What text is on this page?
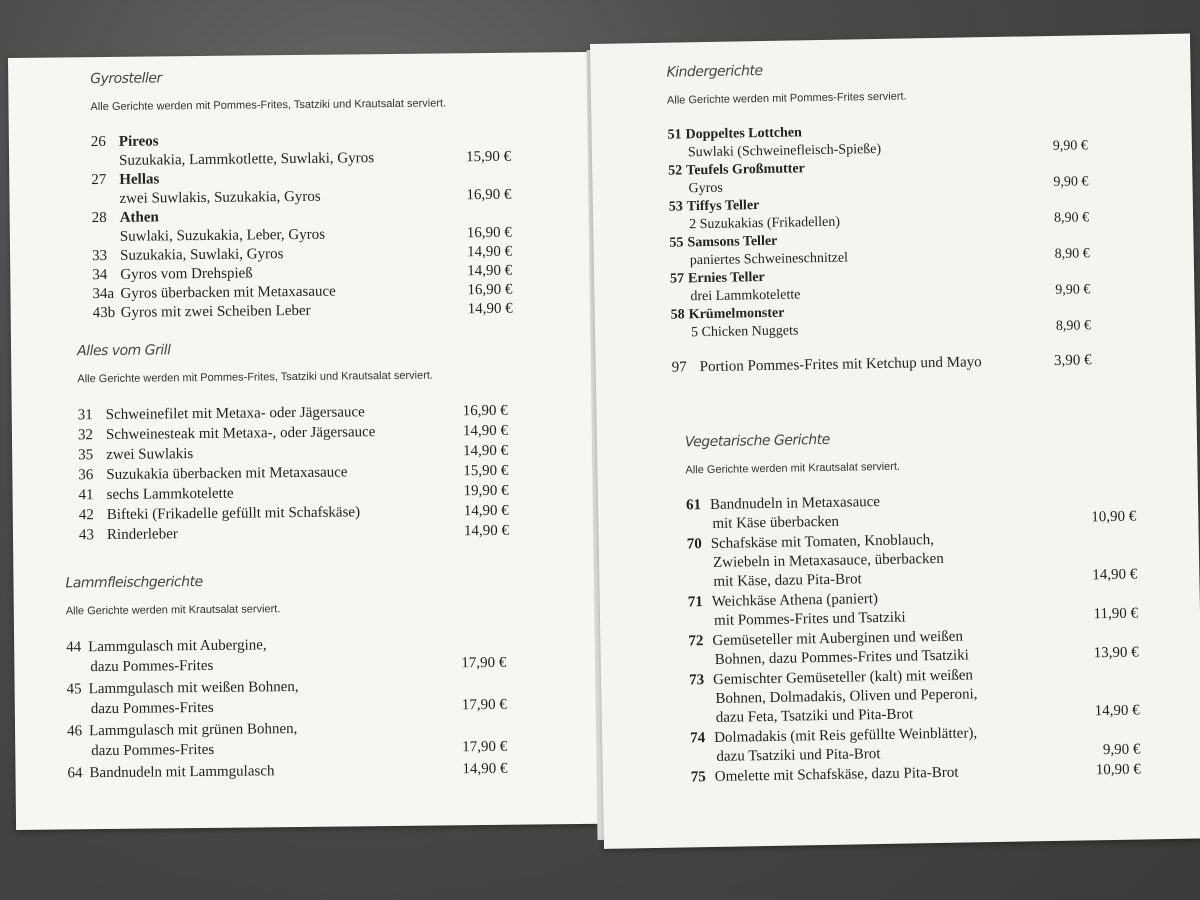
Gyrosteller
Alle Gerichte werden mit Pommes-Frites, Tsatziki und Krautsalat serviert.
26 Pireos
Suzukakia, Lammkotlette, Suwlaki, Gyros	15,90 €
27 Hellas
zwei Suwlakis, Suzukakia, Gyros	16,90 €
28 Athen
Suwlaki, Suzukakia, Leber, Gyros	16,90 €
33 Suzukakia, Suwlaki, Gyros	14,90 €
34 Gyros vom Drehspieß	14,90 €
34a Gyros überbacken mit Metaxasauce	16,90 €
43b Gyros mit zwei Scheiben Leber	14,90 €
Alles vom Grill
Alle Gerichte werden mit Pommes-Frites, Tsatziki und Krautsalat serviert.
31 Schweinefilet mit Metaxa- oder Jägersauce	16,90 €
32 Schweinesteak mit Metaxa-, oder Jägersauce	14,90 €
35 zwei Suwlakis	14,90 €
36 Suzukakia überbacken mit Metaxasauce	15,90 €
41 sechs Lammkotelette	19,90 €
42 Bifteki (Frikadelle gefüllt mit Schafskäse)	14,90 €
43 Rinderleber	14,90 €
Lammfleischgerichte
Alle Gerichte werden mit Krautsalat serviert.
44 Lammgulasch mit Aubergine,
dazu Pommes-Frites	17,90 €
45 Lammgulasch mit weißen Bohnen,
dazu Pommes-Frites	17,90 €
46 Lammgulasch mit grünen Bohnen,
dazu Pommes-Frites	17,90 €
64 Bandnudeln mit Lammgulasch	14,90 €
Kindergerichte
Alle Gerichte werden mit Pommes-Frites serviert.
51 Doppeltes Lottchen
Suwlaki (Schweinefleisch-Spieße)	9,90 €
52 Teufels Großmutter
Gyros	9,90 €
53 Tiffys Teller
2 Suzukakias (Frikadellen)	8,90 €
55 Samsons Teller
paniertes Schweineschnitzel	8,90 €
57 Ernies Teller
drei Lammkotelette	9,90 €
58 Krümelmonster
5 Chicken Nuggets	8,90 €
97 Portion Pommes-Frites mit Ketchup und Mayo	3,90 €
Vegetarische Gerichte
Alle Gerichte werden mit Krautsalat serviert.
61 Bandnudeln in Metaxasauce
mit Käse überbacken	10,90 €
70 Schafskäse mit Tomaten, Knoblauch,
Zwiebeln in Metaxasauce, überbacken
mit Käse, dazu Pita-Brot	14,90 €
71 Weichkäse Athena (paniert)
mit Pommes-Frites und Tsatziki	11,90 €
72 Gemüseteller mit Auberginen und weißen
Bohnen, dazu Pommes-Frites und Tsatziki	13,90 €
73 Gemischter Gemüseteller (kalt) mit weißen
Bohnen, Dolmadakis, Oliven und Peperoni,
dazu Feta, Tsatziki und Pita-Brot	14,90 €
74 Dolmadakis (mit Reis gefüllte Weinblätter),
dazu Tsatziki und Pita-Brot	9,90 €
75 Omelette mit Schafskäse, dazu Pita-Brot	10,90 €
